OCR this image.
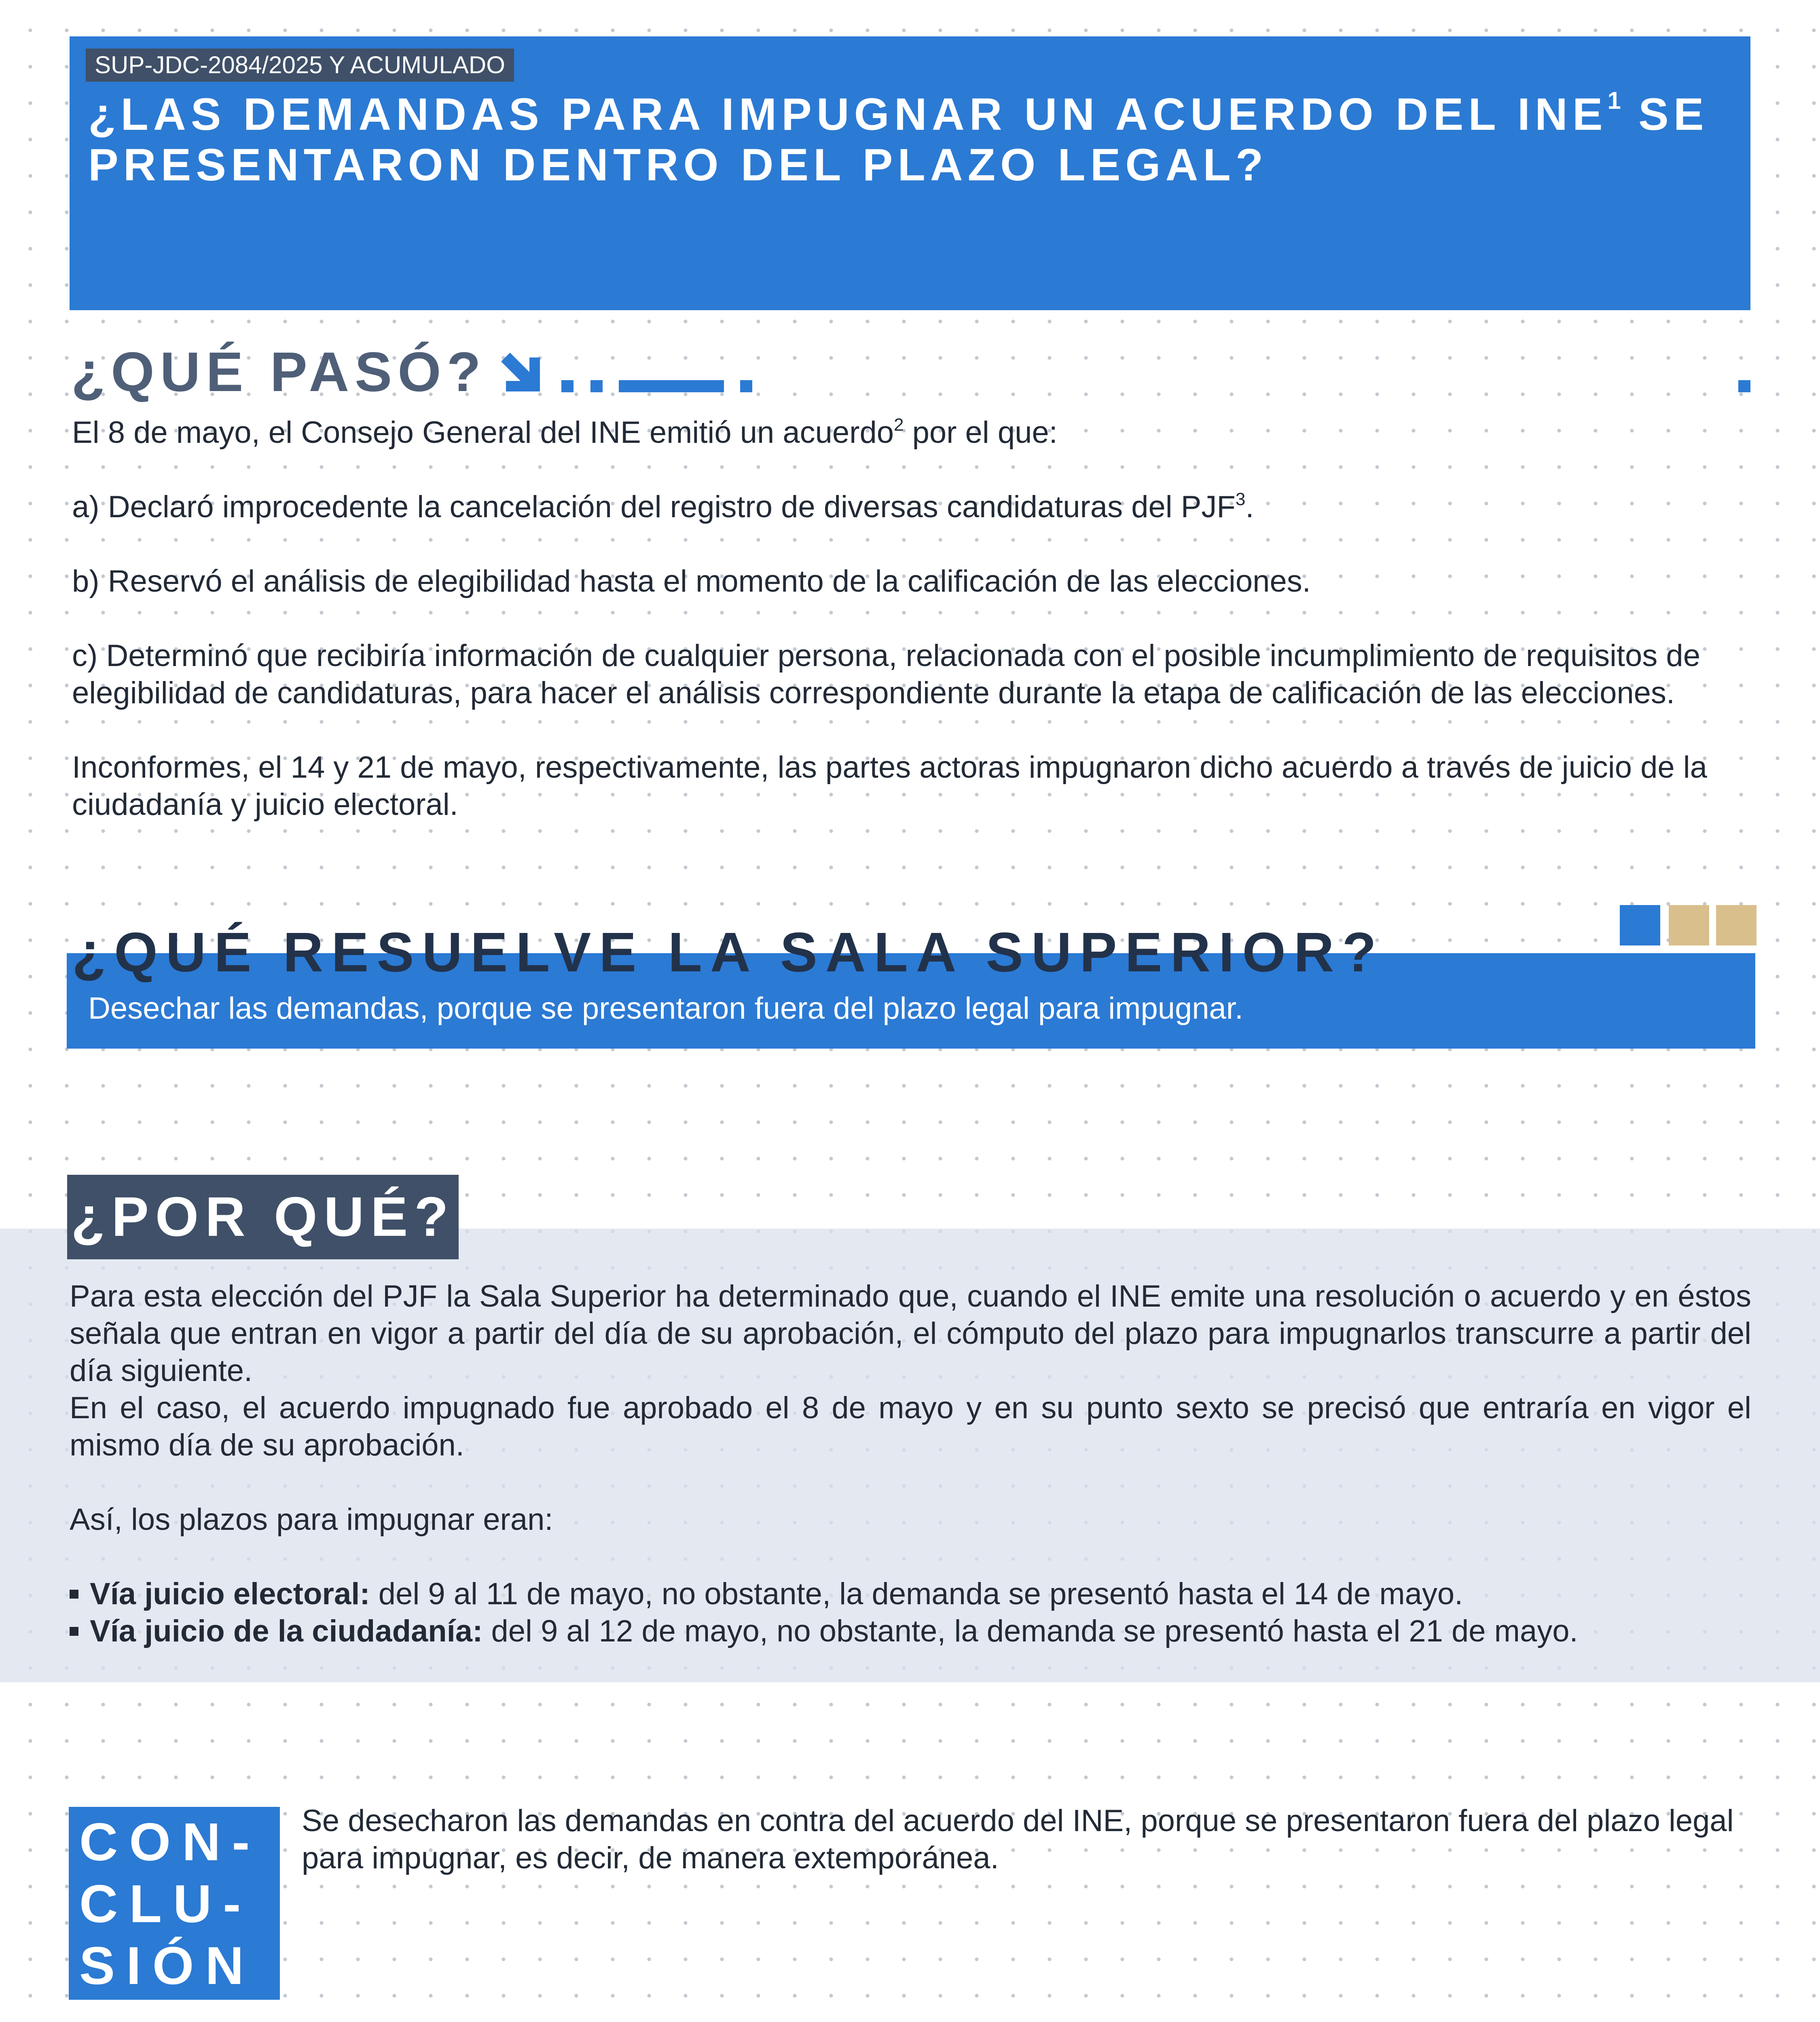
SUP-JDC-2084/2025 Y ACUMULADO
¿LAS DEMANDAS PARA IMPUGNAR UN ACUERDO DEL INE$^1$ SE PRESENTARON DENTRO DEL PLAZO LEGAL?
¿QUÉ PASÓ?

El 8 de mayo, el Consejo General del INE emitió un acuerdo$^2$ por el que:

a) Declaró improcedente la cancelación del registro de diversas candidaturas del PJF$^3$.

b) Reservó el análisis de elegibilidad hasta el momento de la calificación de las elecciones.

c) Determinó que recibiría información de cualquier persona, relacionada con el posible incumplimiento de requisitos de elegibilidad de candidaturas, para hacer el análisis correspondiente durante la etapa de calificación de las elecciones.

Inconformes, el 14 y 21 de mayo, respectivamente, las partes actoras impugnaron dicho acuerdo a través de juicio de la ciudadanía y juicio electoral.

¿QUÉ RESUELVE LA SALA SUPERIOR?

Desechar las demandas, porque se presentaron fuera del plazo legal para impugnar.

¿POR QUÉ?

Para esta elección del PJF la Sala Superior ha determinado que, cuando el INE emite una resolución o acuerdo y en éstos señala que entran en vigor a partir del día de su aprobación, el cómputo del plazo para impugnarlos transcurre a partir del día siguiente.

En el caso, el acuerdo impugnado fue aprobado el 8 de mayo y en su punto sexto se precisó que entraría en vigor el mismo día de su aprobación.

Así, los plazos para impugnar eran:

Vía juicio electoral: del 9 al 11 de mayo, no obstante, la demanda se presentó hasta el 14 de mayo.

Vía juicio de la ciudadanía: del 9 al 12 de mayo, no obstante, la demanda se presentó hasta el 21 de mayo.

CON-

CLU-

SIÓN

Se desecharon las demandas en contra del acuerdo del INE, porque se presentaron fuera del plazo legal para impugnar, es decir, de manera extemporánea.
